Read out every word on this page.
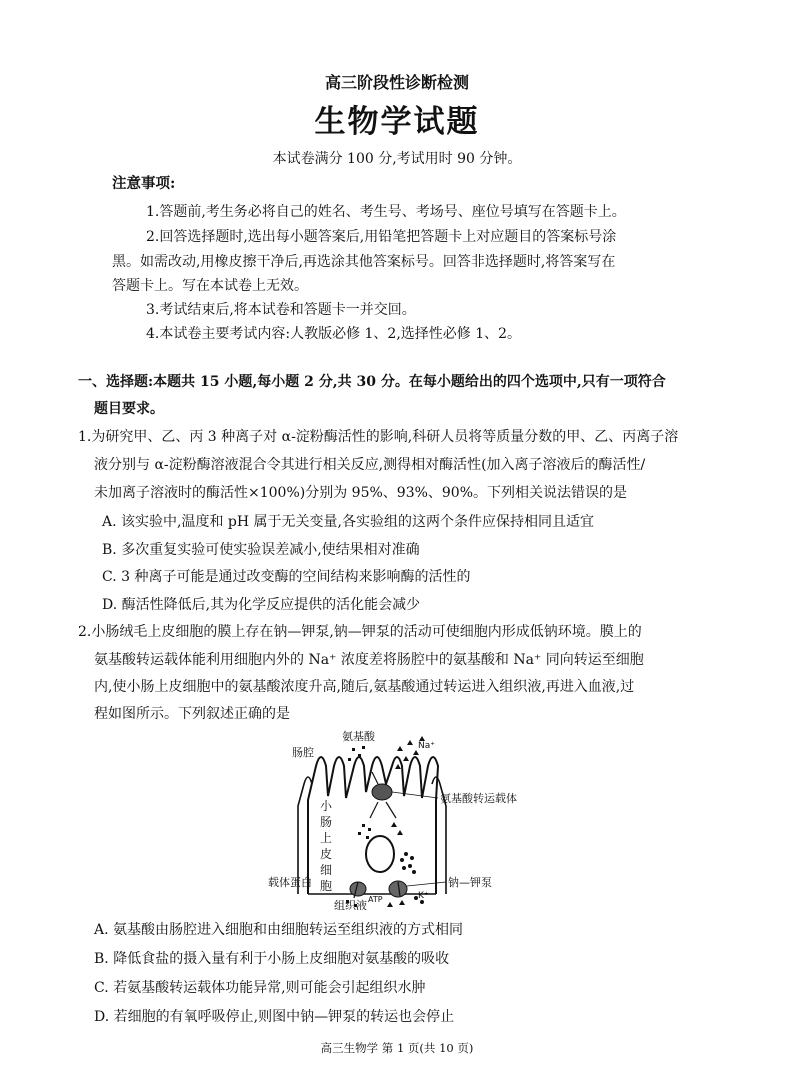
高三阶段性诊断检测
生物学试题
本试卷满分 100 分,考试用时 90 分钟。
注意事项:
1.答题前,考生务必将自己的姓名、考生号、考场号、座位号填写在答题卡上。
2.回答选择题时,选出每小题答案后,用铅笔把答题卡上对应题目的答案标号涂
黑。如需改动,用橡皮擦干净后,再选涂其他答案标号。回答非选择题时,将答案写在
答题卡上。写在本试卷上无效。
3.考试结束后,将本试卷和答题卡一并交回。
4.本试卷主要考试内容:人教版必修 1、2,选择性必修 1、2。
一、选择题:本题共 15 小题,每小题 2 分,共 30 分。在每小题给出的四个选项中,只有一项符合
题目要求。
1.为研究甲、乙、丙 3 种离子对 α-淀粉酶活性的影响,科研人员将等质量分数的甲、乙、丙离子溶
液分别与 α-淀粉酶溶液混合令其进行相关反应,测得相对酶活性(加入离子溶液后的酶活性/
未加离子溶液时的酶活性×100%)分别为 95%、93%、90%。下列相关说法错误的是
A. 该实验中,温度和 pH 属于无关变量,各实验组的这两个条件应保持相同且适宜
B. 多次重复实验可使实验误差减小,使结果相对准确
C. 3 种离子可能是通过改变酶的空间结构来影响酶的活性的
D. 酶活性降低后,其为化学反应提供的活化能会减少
2.小肠绒毛上皮细胞的膜上存在钠—钾泵,钠—钾泵的活动可使细胞内形成低钠环境。膜上的
氨基酸转运载体能利用细胞内外的 Na⁺ 浓度差将肠腔中的氨基酸和 Na⁺ 同向转运至细胞
内,使小肠上皮细胞中的氨基酸浓度升高,随后,氨基酸通过转运进入组织液,再进入血液,过
程如图所示。下列叙述正确的是
氨基酸
Na⁺
肠腔
氨基酸转运载体
载体蛋白	钠—钾泵
组织液 ATP	K⁺
小肠上皮细胞
A. 氨基酸由肠腔进入细胞和由细胞转运至组织液的方式相同
B. 降低食盐的摄入量有利于小肠上皮细胞对氨基酸的吸收
C. 若氨基酸转运载体功能异常,则可能会引起组织水肿
D. 若细胞的有氧呼吸停止,则图中钠—钾泵的转运也会停止
高三生物学 第 1 页(共 10 页)
